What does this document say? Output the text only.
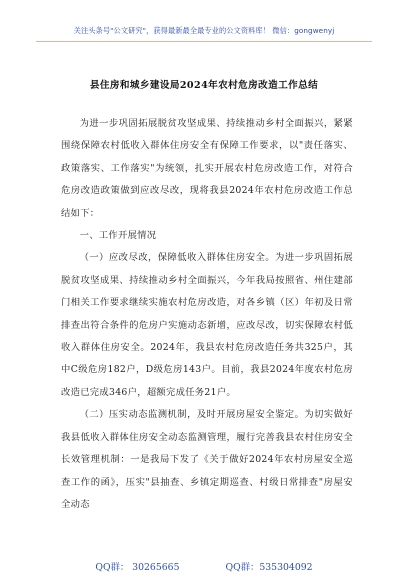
关注头条号"公文研究"，获得最新最全最专业的公文资料库！ 微信：gongwenyj
县住房和城乡建设局2024年农村危房改造工作总结

为进一步巩固拓展脱贫攻坚成果、持续推动乡村全面振兴，紧紧围绕保障农村低收入群体住房安全有保障工作要求，以"责任落实、政策落实、工作落实"为统领，扎实开展农村危房改造工作，对符合危房改造政策做到应改尽改，现将我县2024年农村危房改造工作总结如下：

一、工作开展情况

（一）应改尽改，保障低收入群体住房安全。为进一步巩固拓展脱贫攻坚成果、持续推动乡村全面振兴，今年我局按照省、州住建部门相关工作要求继续实施农村危房改造，对各乡镇（区）年初及日常排查出符合条件的危房户实施动态新增，应改尽改，切实保障农村低收入群体住房安全。2024年，我县农村危房改造任务共325户，其中C级危房182户，D级危房143户。目前，我县2024年度农村危房改造已完成346户，超额完成任务21户。

（二）压实动态监测机制，及时开展房屋安全鉴定。为切实做好我县低收入群体住房安全动态监测管理，履行完善我县农村住房安全长效管理机制：一是我局下发了《关于做好2024年农村房屋安全巡查工作的函》，压实"县抽查、乡镇定期巡查、村级日常排查"房屋安全动态

QQ群： 30265665	QQ群：535304092
